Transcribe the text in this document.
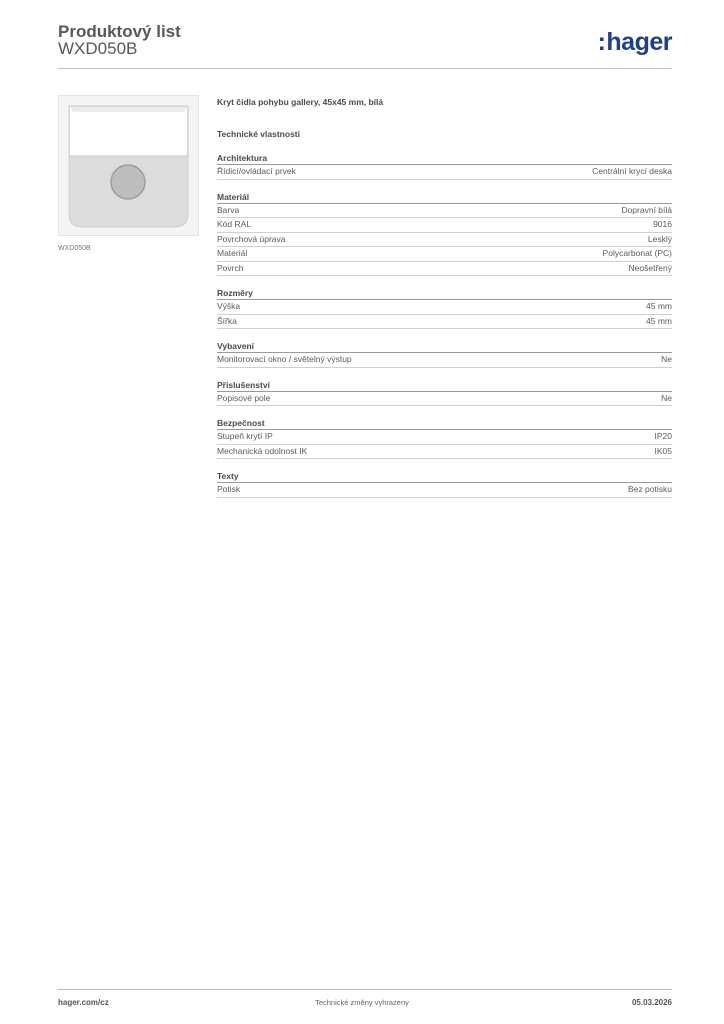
Produktový list
WXD050B	:hager
WXD050B
Kryt čidla pohybu gallery, 45x45 mm, bílá
Technické vlastnosti
Architektura
Řídicí/ovládací prvek	Centrální krycí deska
Materiál
Barva	Dopravní bílá
Kód RAL	9016
Povrchová úprava	Lesklý
Materiál	Polycarbonat (PC)
Povrch	Neošetřený
Rozměry
Výška	45 mm
Šířka	45 mm
Vybavení
Monitorovací okno / světelný výstup	Ne
Příslušenství
Popisové pole	Ne
Bezpečnost
Stupeň krytí IP	IP20
Mechanická odolnost IK	IK05
Texty
Potisk	Bez potisku
hager.com/cz	Technické změny vyhrazeny	05.03.2026
